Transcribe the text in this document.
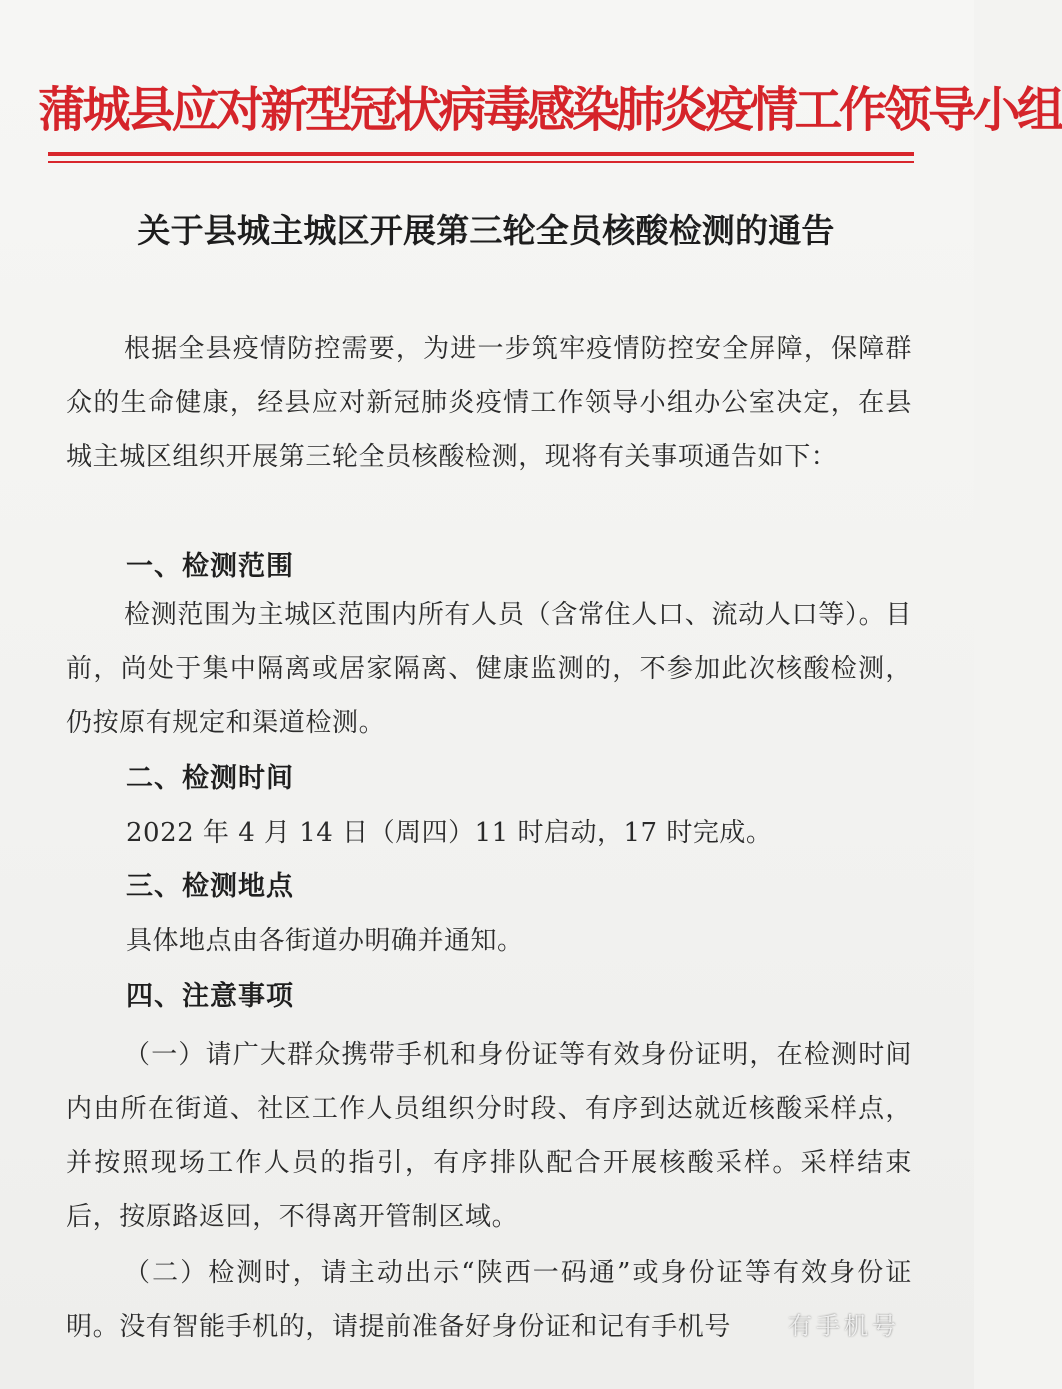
蒲城县应对新型冠状病毒感染肺炎疫情工作领导小组
关于县城主城区开展第三轮全员核酸检测的通告
根据全县疫情防控需要，为进一步筑牢疫情防控安全屏障，保障群众的生命健康，经县应对新冠肺炎疫情工作领导小组办公室决定，在县城主城区组织开展第三轮全员核酸检测，现将有关事项通告如下：
一、检测范围
检测范围为主城区范围内所有人员（含常住人口、流动人口等）。目前，尚处于集中隔离或居家隔离、健康监测的，不参加此次核酸检测，仍按原有规定和渠道检测。
二、检测时间
2022 年 4 月 14 日（周四）11 时启动，17 时完成。
三、检测地点
具体地点由各街道办明确并通知。
四、注意事项
（一）请广大群众携带手机和身份证等有效身份证明，在检测时间内由所在街道、社区工作人员组织分时段、有序到达就近核酸采样点，并按照现场工作人员的指引，有序排队配合开展核酸采样。采样结束后，按原路返回，不得离开管制区域。
（二）检测时，请主动出示“陕西一码通”或身份证等有效身份证明。没有智能手机的，请提前准备好身份证和记有手机号	有手机号
